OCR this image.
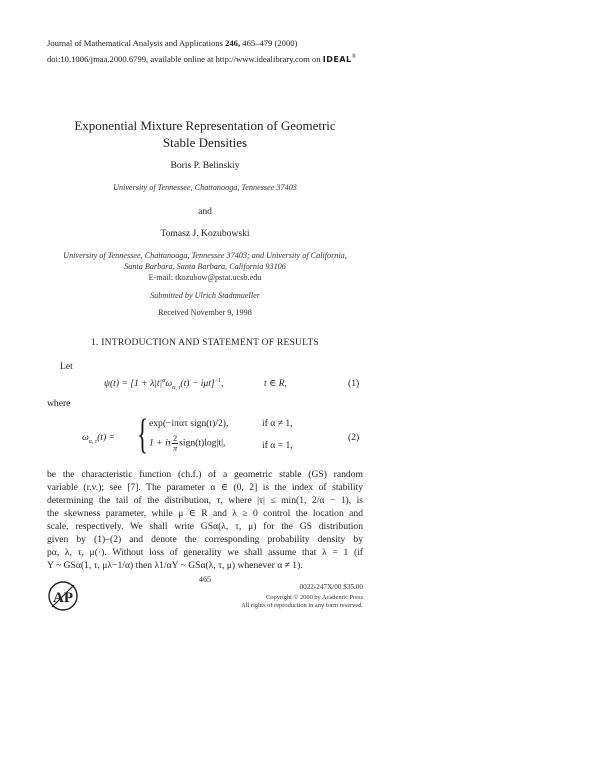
Journal of Mathematical Analysis and Applications 246, 465–479 (2000)
doi:10.1006/jmaa.2000.6799, available online at http://www.idealibrary.com on IDEAL®
Exponential Mixture Representation of Geometric
Stable Densities
Boris P. Belinskiy
University of Tennessee, Chattanooga, Tennessee 37403
and
Tomasz J. Kozubowski
University of Tennessee, Chattanooga, Tennessee 37403; and University of California,
Santa Barbara, Santa Barbara, California 93106
E-mail: tkozubow@pstat.ucsb.edu
Submitted by Ulrich Stadtmueller
Received November 9, 1998
1. INTRODUCTION AND STATEMENT OF RESULTS
Let
$\psi(t) = [1 + \lambda|t|^\alpha\omega_{\alpha, \tau}(t) - i\mu t]^{-1}$,	t ∈ R,	(1)
where
$\omega_{\alpha, \tau}(t)$ = { exp(−iπατ sign(t)/2),	if α ≠ 1,
1 + iτ $\frac{2}{\pi}$ sign(t)log|t|,	if α = 1,
(2)
be the characteristic function (ch.f.) of a geometric stable (GS) random
variable (r.v.); see [7]. The parameter α ∈ (0, 2] is the index of stability
determining the tail of the distribution, τ, where |τ| ≤ min(1, 2/α − 1), is
the skewness parameter, while μ ∈ R and λ ≥ 0 control the location and
scale, respectively. We shall write GSα(λ, τ, μ) for the GS distribution
given by (1)–(2) and denote the corresponding probability density by
pα, λ, τ, μ(·). Without loss of generality we shall assume that λ = 1 (if
Y ~ GSα(1, τ, μλ−1/α) then λ1/αY ~ GSα(λ, τ, μ) whenever α ≠ 1).
465
AP
0022-247X/00 $35.00
Copyright © 2000 by Academic Press
All rights of reproduction in any form reserved.
